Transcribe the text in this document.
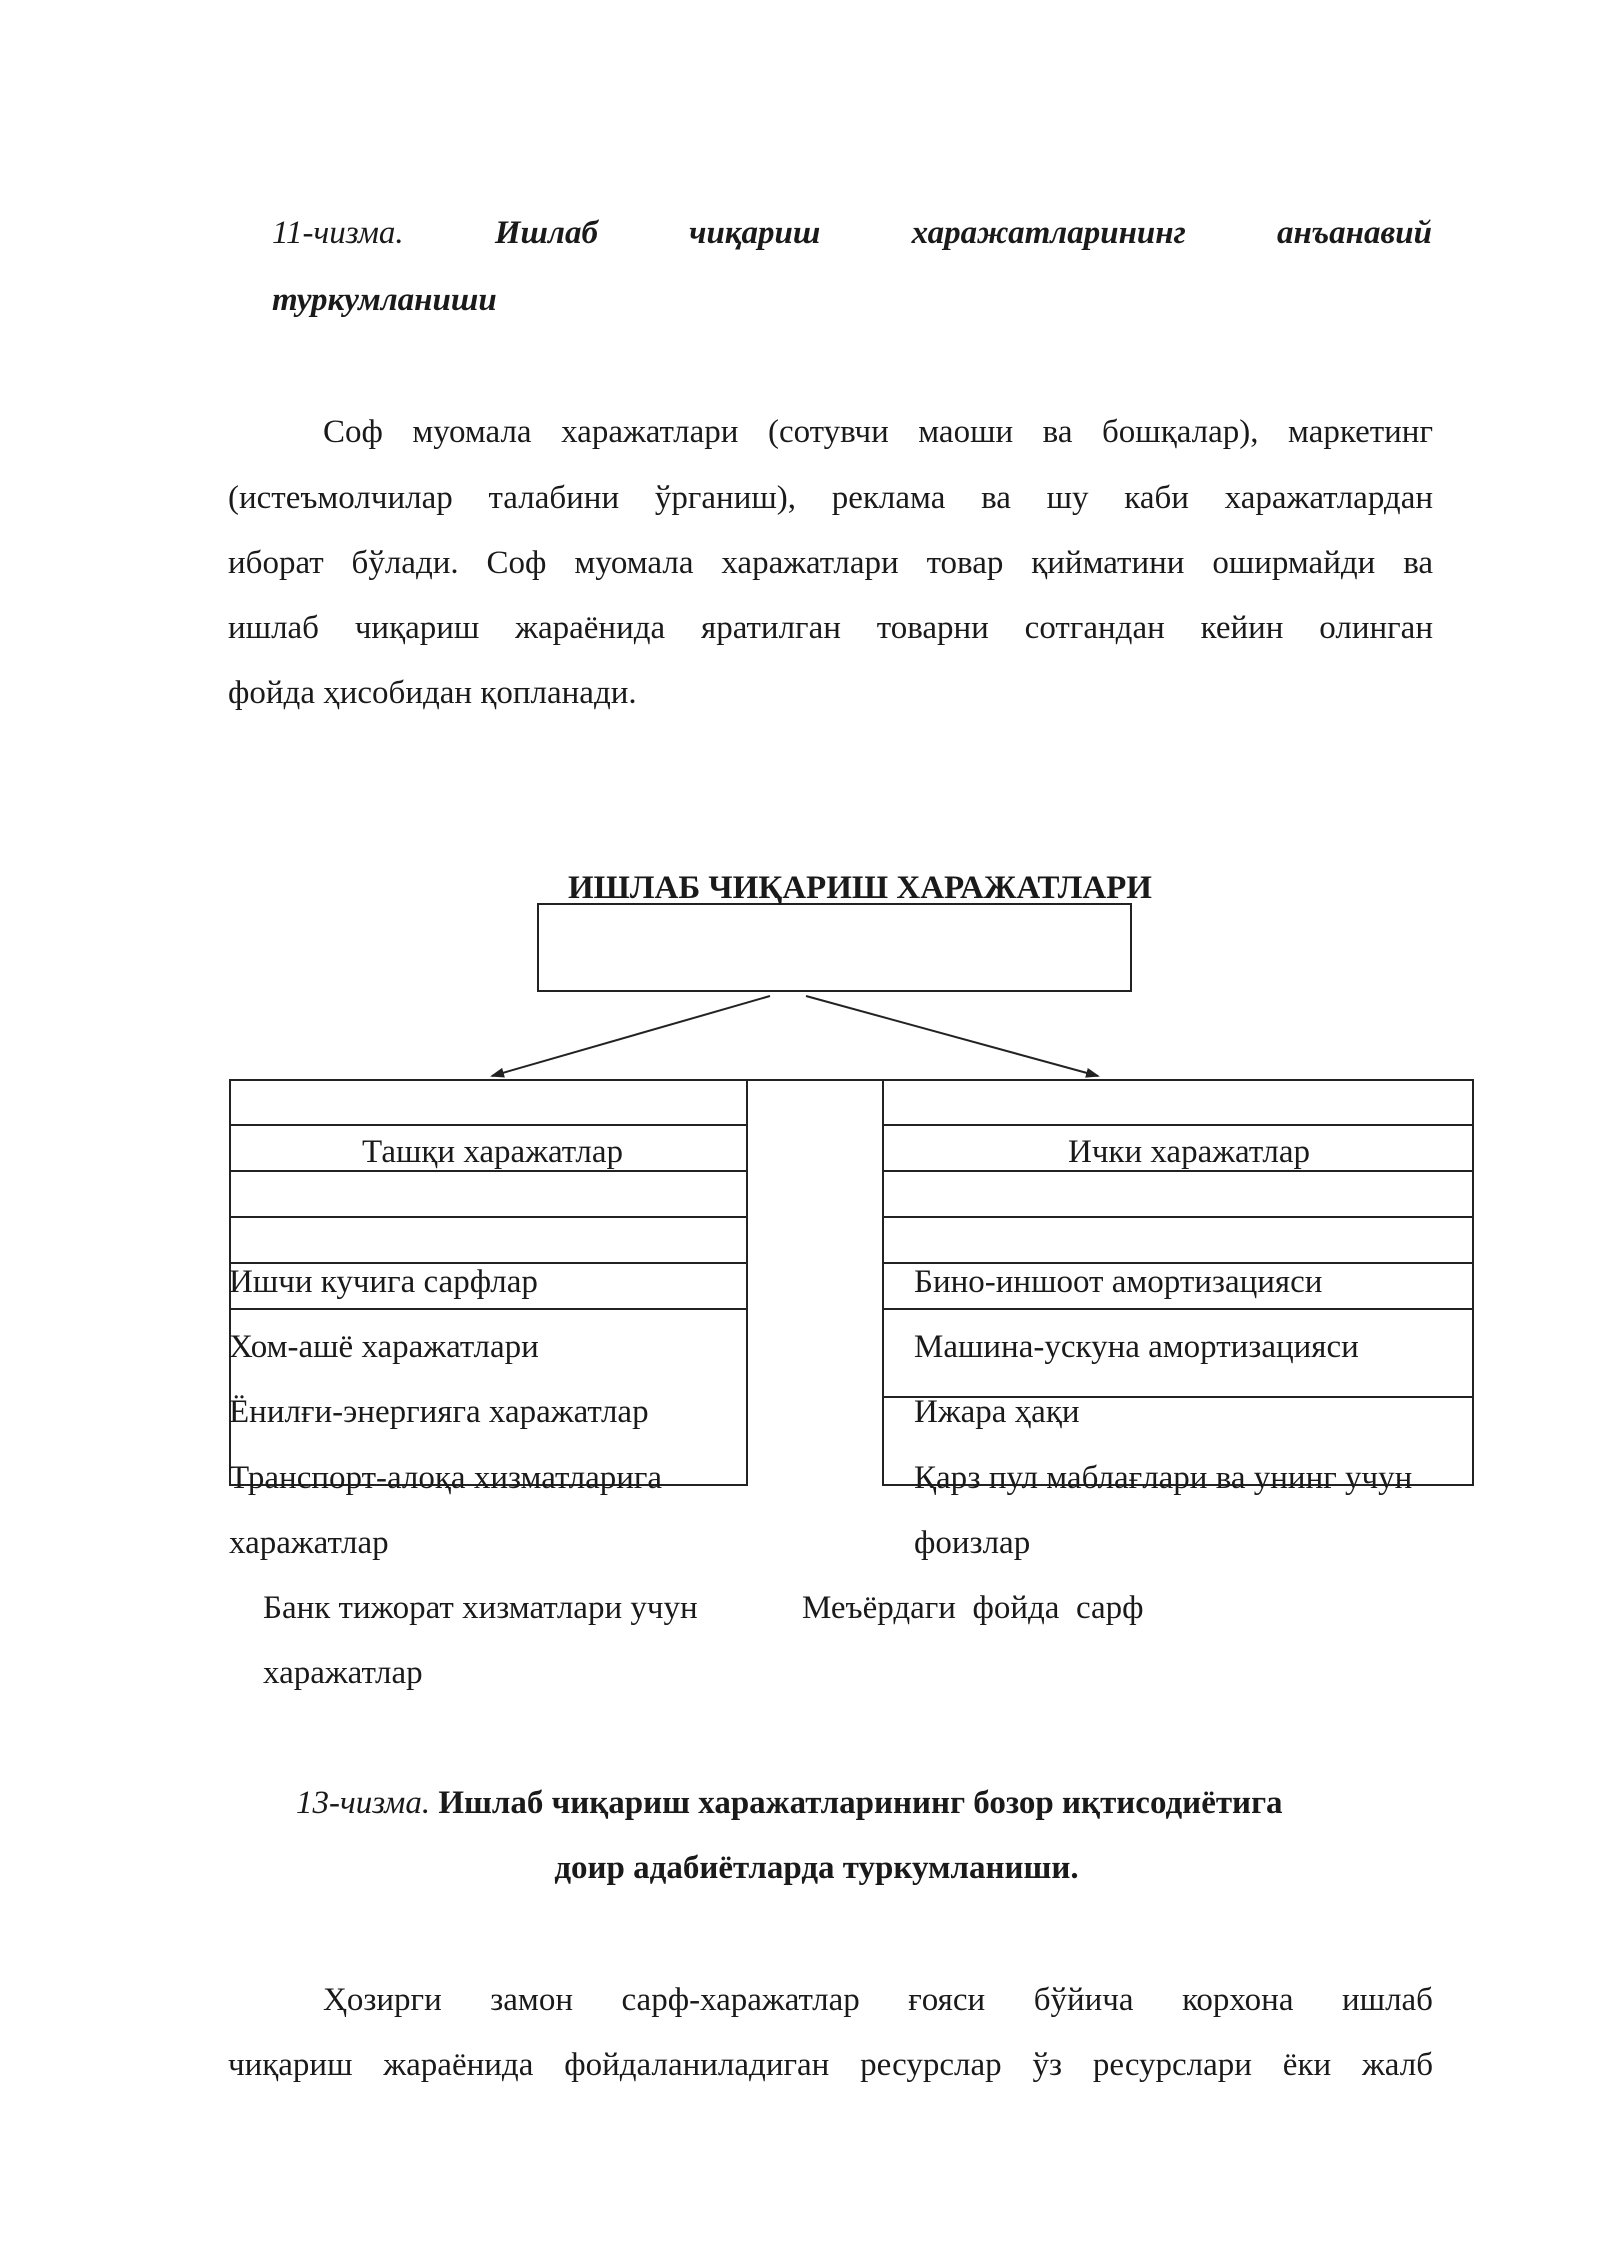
11-чизма.	Ишлаб	чиқариш	харажатларининг	анъанавий
туркумланиши
Соф муомала харажатлари (сотувчи маоши ва бошқалар), маркетинг
(истеъмолчилар  талабини  ўрганиш),  реклама  ва  шу  каби  харажатлардан
иборат бўлади. Соф муомала харажатлари товар қийматини оширмайди ва
ишлаб  чиқариш  жараёнида  яратилган  товарни  сотгандан  кейин  олинган
фойда ҳисобидан қопланади.
ИШЛАБ ЧИҚАРИШ ХАРАЖАТЛАРИ
Ташқи харажатлар	Ички харажатлар
Ишчи кучига сарфлар
Хом-ашё харажатлари
Ёнилғи-энергияга харажатлар
Транспорт-алоқа хизматларига
харажатлар
Бино-иншоот амортизацияси
Машина-ускуна амортизацияси
Ижара ҳақи
Қарз пул маблағлари ва унинг учун
фоизлар
Банк тижорат хизматлари учун
харажатлар
Меъёрдаги  фойда  сарф
13-чизма. Ишлаб чиқариш харажатларининг бозор иқтисодиётига
доир адабиётларда туркумланиши.
Ҳозирги замон сарф-харажатлар ғояси бўйича корхона ишлаб
чиқариш жараёнида фойдаланиладиган ресурслар ўз ресурслари ёки жалб
